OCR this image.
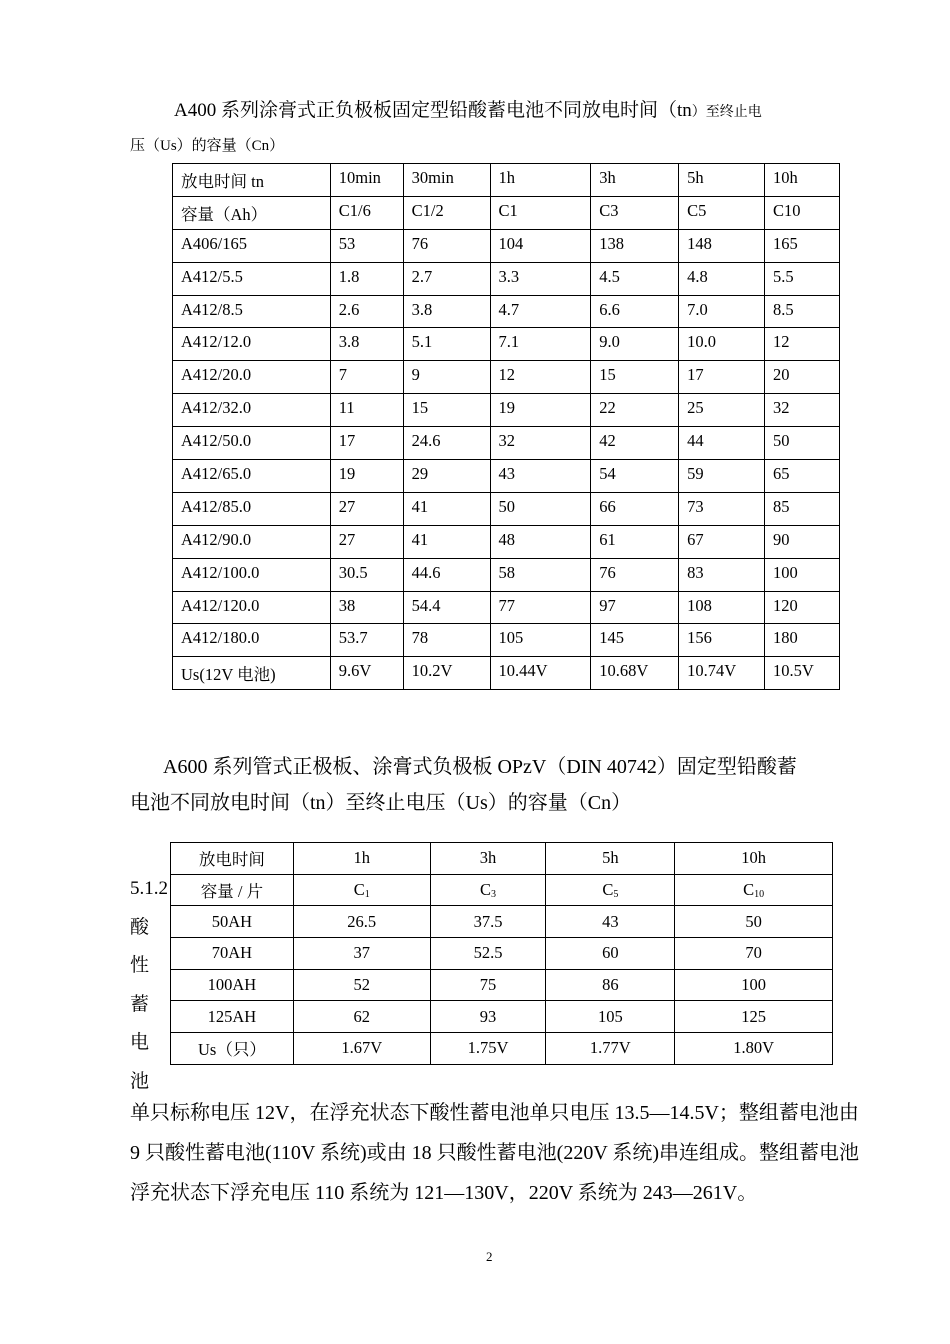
A400 系列涂膏式正负极板固定型铅酸蓄电池不同放电时间（tn）至终止电
压（Us）的容量（Cn）
放电时间 tn	10min	30min	1h	3h	5h	10h
容量（Ah）	C1/6	C1/2	C1	C3	C5	C10
A406/165	53	76	104	138	148	165
A412/5.5	1.8	2.7	3.3	4.5	4.8	5.5
A412/8.5	2.6	3.8	4.7	6.6	7.0	8.5
A412/12.0	3.8	5.1	7.1	9.0	10.0	12
A412/20.0	7	9	12	15	17	20
A412/32.0	11	15	19	22	25	32
A412/50.0	17	24.6	32	42	44	50
A412/65.0	19	29	43	54	59	65
A412/85.0	27	41	50	66	73	85
A412/90.0	27	41	48	61	67	90
A412/100.0	30.5	44.6	58	76	83	100
A412/120.0	38	54.4	77	97	108	120
A412/180.0	53.7	78	105	145	156	180
Us(12V 电池)	9.6V	10.2V	10.44V	10.68V	10.74V	10.5V
A600 系列管式正极板、涂膏式负极板 OPzV（DIN 40742）固定型铅酸蓄
电池不同放电时间（tn）至终止电压（Us）的容量（Cn）
5.1.2
酸
性
蓄
电
池
放电时间	1h	3h	5h	10h
容量 / 片	$C_1$	$C_3$	$C_5$	$C_{10}$
50AH	26.5	37.5	43	50
70AH	37	52.5	60	70
100AH	52	75	86	100
125AH	62	93	105	125
Us（只）	1.67V	1.75V	1.77V	1.80V
单只标称电压 12V，在浮充状态下酸性蓄电池单只电压 13.5—14.5V；整组蓄电池由 9 只酸性蓄电池(110V 系统)或由 18 只酸性蓄电池(220V 系统)串连组成。整组蓄电池浮充状态下浮充电压 110 系统为 121—130V，220V 系统为 243—261V。
2
